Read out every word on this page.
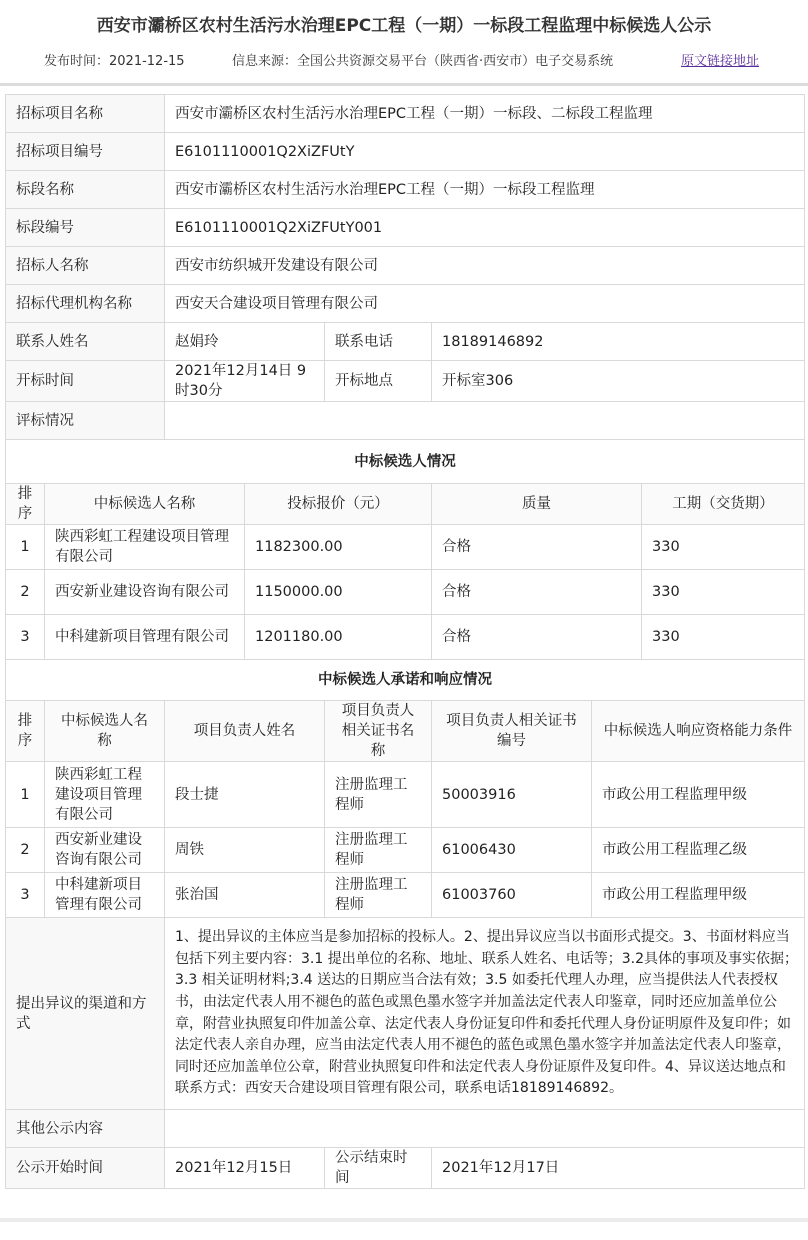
西安市灞桥区农村生活污水治理EPC工程（一期）一标段工程监理中标候选人公示
发布时间：2021-12-15	信息来源：全国公共资源交易平台（陕西省·西安市）电子交易系统	原文链接地址
招标项目名称		西安市灞桥区农村生活污水治理EPC工程（一期）一标段、二标段工程监理					
招标项目编号		E6101110001Q2XiZFUtY					
标段名称		西安市灞桥区农村生活污水治理EPC工程（一期）一标段工程监理					
标段编号		E6101110001Q2XiZFUtY001					
招标人名称		西安市纺织城开发建设有限公司					
招标代理机构名称		西安天合建设项目管理有限公司					
联系人姓名		赵娟玲		联系电话	18189146892		
开标时间		2021年12月14日 9时30分		开标地点	开标室306		
评标情况							
中标候选人情况							
排序	中标候选人名称		投标报价（元）		质量		工期（交货期）
1	陕西彩虹工程建设项目管理有限公司		1182300.00		合格		330
2	西安新业建设咨询有限公司		1150000.00		合格		330
3	中科建新项目管理有限公司		1201180.00		合格		330
中标候选人承诺和响应情况							
排序	中标候选人名称	项目负责人姓名		项目负责人相关证书名称	项目负责人相关证书编号	中标候选人响应资格能力条件	
1	陕西彩虹工程建设项目管理有限公司	段士捷		注册监理工程师	50003916	市政公用工程监理甲级	
2	西安新业建设咨询有限公司	周铁		注册监理工程师	61006430	市政公用工程监理乙级	
3	中科建新项目管理有限公司	张治国		注册监理工程师	61003760	市政公用工程监理甲级	
提出异议的渠道和方式		1、提出异议的主体应当是参加招标的投标人。2、提出异议应当以书面形式提交。3、书面材料应当包括下列主要内容：3.1 提出单位的名称、地址、联系人姓名、电话等；3.2具体的事项及事实依据；3.3 相关证明材料;3.4 送达的日期应当合法有效；3.5 如委托代理人办理，应当提供法人代表授权书，由法定代表人用不褪色的蓝色或黑色墨水签字并加盖法定代表人印鉴章，同时还应加盖单位公章，附营业执照复印件加盖公章、法定代表人身份证复印件和委托代理人身份证明原件及复印件；如法定代表人亲自办理，应当由法定代表人用不褪色的蓝色或黑色墨水签字并加盖法定代表人印鉴章，同时还应加盖单位公章，附营业执照复印件和法定代表人身份证原件及复印件。4、异议送达地点和联系方式：西安天合建设项目管理有限公司，联系电话18189146892。					
其他公示内容							
公示开始时间		2021年12月15日		公示结束时间	2021年12月17日		
